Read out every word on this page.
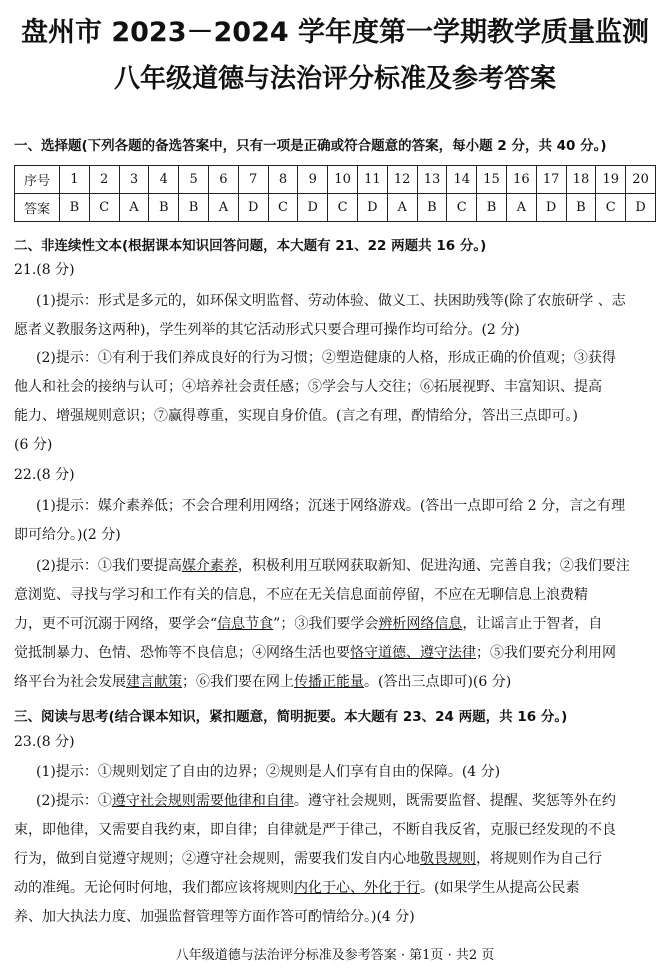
盘州市 2023－2024 学年度第一学期教学质量监测
八年级道德与法治评分标准及参考答案
一、选择题(下列各题的备选答案中，只有一项是正确或符合题意的答案，每小题 2 分，共 40 分。)
序号	1	2	3	4	5	6	7	8	9	10	11	12	13	14	15	16	17	18	19	20
答案	B	C	A	B	B	A	D	C	D	C	D	A	B	C	B	A	D	B	C	D
二、非连续性文本(根据课本知识回答问题，本大题有 21、22 两题共 16 分。)
21.(8 分)
(1)提示：形式是多元的，如环保文明监督、劳动体验、做义工、扶困助残等(除了农旅研学 、志
愿者义教服务这两种)，学生列举的其它活动形式只要合理可操作均可给分。(2 分)
(2)提示：①有利于我们养成良好的行为习惯；②塑造健康的人格，形成正确的价值观；③获得
他人和社会的接纳与认可；④培养社会责任感；⑤学会与人交往；⑥拓展视野、丰富知识、提高
能力、增强规则意识；⑦赢得尊重，实现自身价值。(言之有理，酌情给分，答出三点即可。)
(6 分)
22.(8 分)
(1)提示：媒介素养低；不会合理利用网络；沉迷于网络游戏。(答出一点即可给 2 分，言之有理
即可给分。)(2 分)
(2)提示：①我们要提高媒介素养，积极利用互联网获取新知、促进沟通、完善自我；②我们要注
意浏览、寻找与学习和工作有关的信息，不应在无关信息面前停留，不应在无聊信息上浪费精
力，更不可沉溺于网络，要学会“信息节食”；③我们要学会辨析网络信息，让谣言止于智者，自
觉抵制暴力、色情、恐怖等不良信息；④网络生活也要恪守道德、遵守法律；⑤我们要充分利用网
络平台为社会发展建言献策；⑥我们要在网上传播正能量。(答出三点即可)(6 分)
三、阅读与思考(结合课本知识，紧扣题意，简明扼要。本大题有 23、24 两题，共 16 分。)
23.(8 分)
(1)提示：①规则划定了自由的边界；②规则是人们享有自由的保障。(4 分)
(2)提示：①遵守社会规则需要他律和自律。遵守社会规则，既需要监督、提醒、奖惩等外在约
束，即他律，又需要自我约束，即自律；自律就是严于律己，不断自我反省，克服已经发现的不良
行为，做到自觉遵守规则；②遵守社会规则，需要我们发自内心地敬畏规则，将规则作为自己行
动的准绳。无论何时何地，我们都应该将规则内化于心、外化于行。(如果学生从提高公民素
养、加大执法力度、加强监督管理等方面作答可酌情给分。)(4 分)
八年级道德与法治评分标准及参考答案 · 第1页 · 共2 页
